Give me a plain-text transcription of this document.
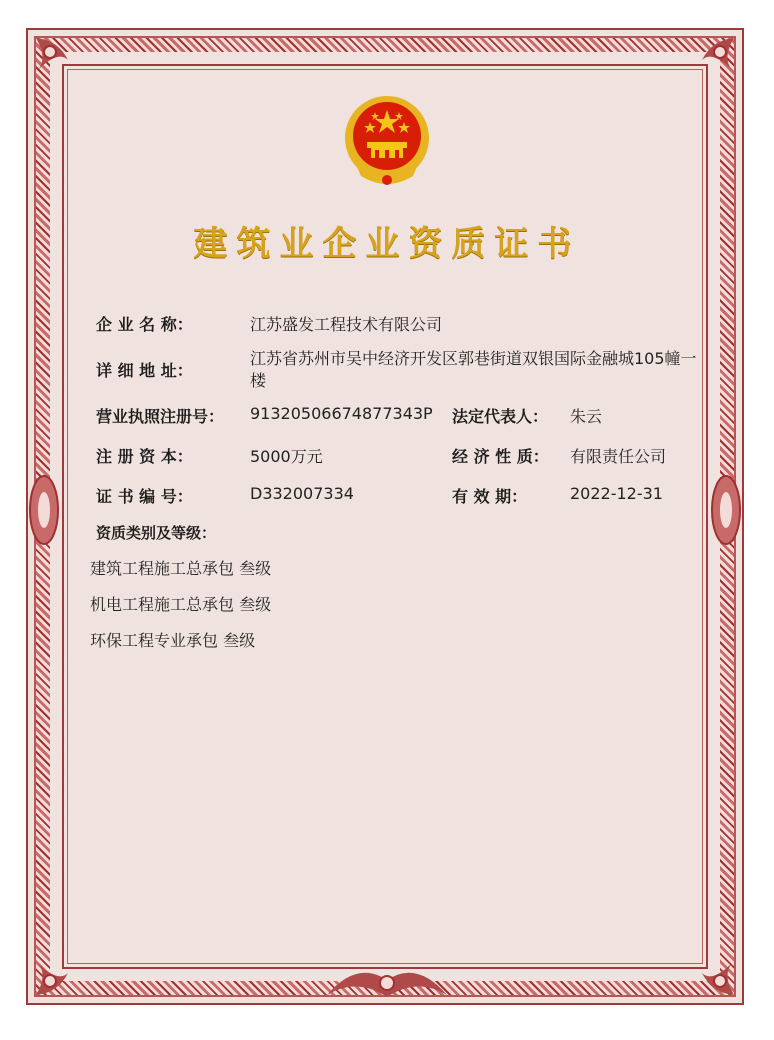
建筑业企业资质证书
企 业 名 称：	江苏盛发工程技术有限公司
详 细 地 址：
江苏省苏州市吴中经济开发区郭巷街道双银国际金融城105幢一
楼
营业执照注册号： 91320506674877343P 法定代表人： 朱云
注 册 资 本：	5000万元	经 济 性 质： 有限责任公司
证 书 编 号：	D332007334	有 效 期：	2022-12-31
资质类别及等级：
建筑工程施工总承包 叁级
机电工程施工总承包 叁级
环保工程专业承包 叁级
